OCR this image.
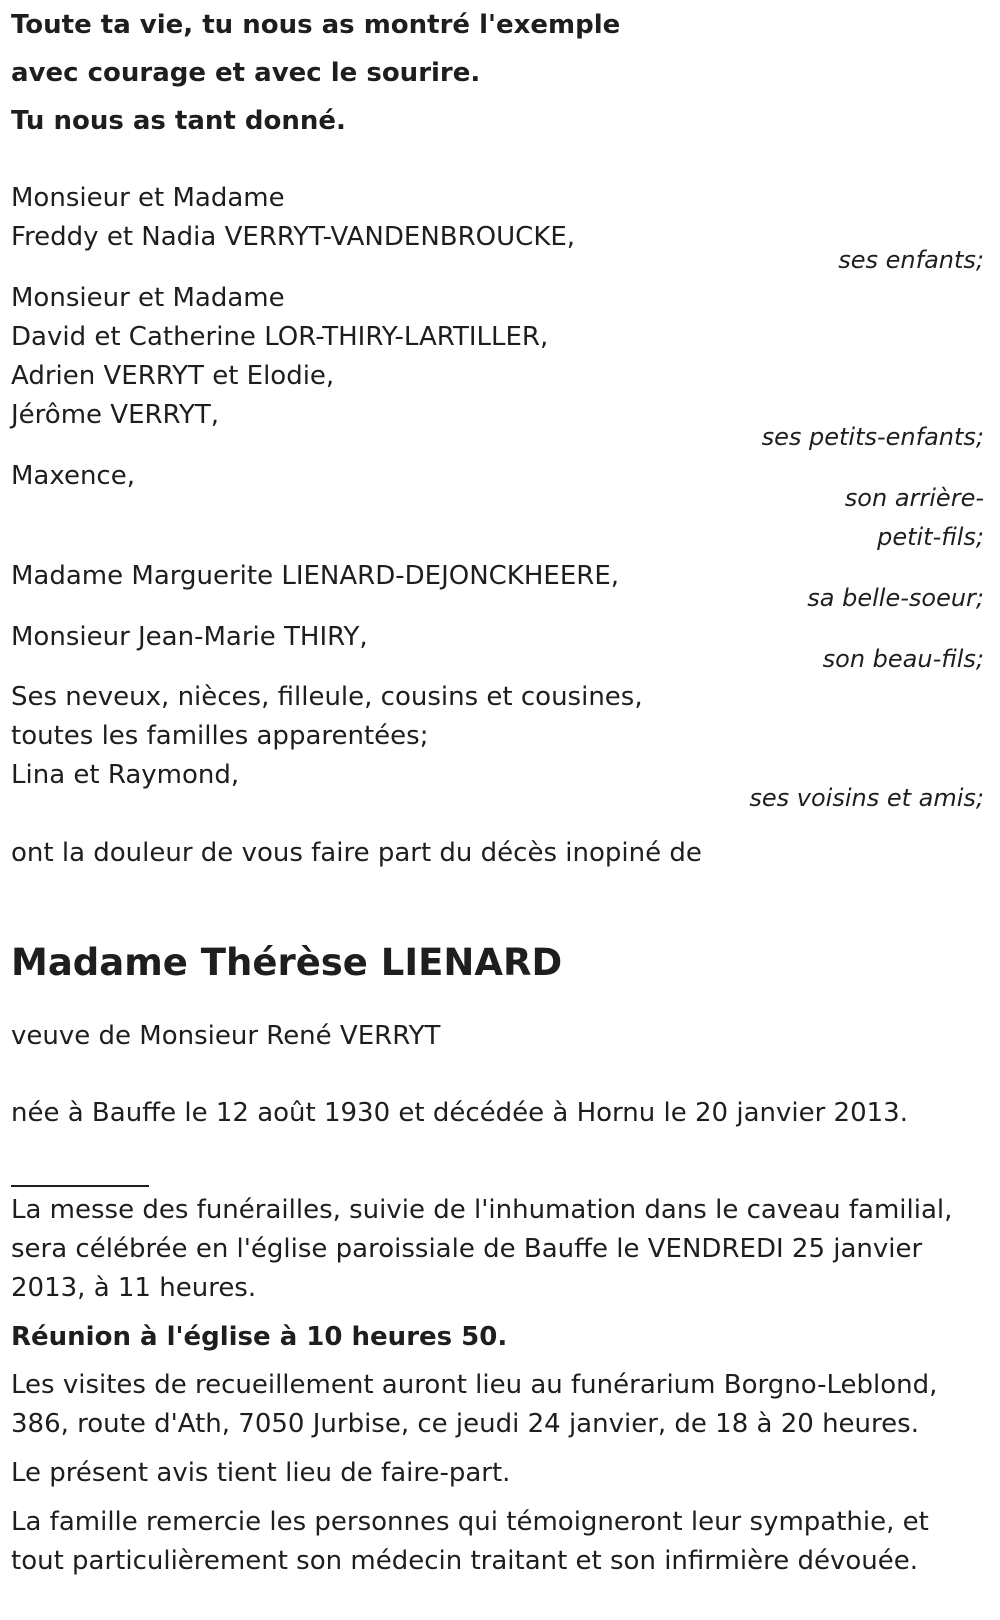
Toute ta vie, tu nous as montré l'exemple
avec courage et avec le sourire.
Tu nous as tant donné.
Monsieur et Madame
Freddy et Nadia VERRYT-VANDENBROUCKE,
ses enfants;
Monsieur et Madame
David et Catherine LOR-THIRY-LARTILLER,
Adrien VERRYT et Elodie,
Jérôme VERRYT,
ses petits-enfants;
Maxence,
son arrière-
petit-fils;
Madame Marguerite LIENARD-DEJONCKHEERE,
sa belle-soeur;
Monsieur Jean-Marie THIRY,
son beau-fils;
Ses neveux, nièces, filleule, cousins et cousines,
toutes les familles apparentées;
Lina et Raymond,
ses voisins et amis;
ont la douleur de vous faire part du décès inopiné de
Madame Thérèse LIENARD
veuve de Monsieur René VERRYT
née à Bauffe le 12 août 1930 et décédée à Hornu le 20 janvier 2013.
La messe des funérailles, suivie de l'inhumation dans le caveau familial,
sera célébrée en l'église paroissiale de Bauffe le VENDREDI 25 janvier
2013, à 11 heures.
Réunion à l'église à 10 heures 50.
Les visites de recueillement auront lieu au funérarium Borgno-Leblond,
386, route d'Ath, 7050 Jurbise, ce jeudi 24 janvier, de 18 à 20 heures.
Le présent avis tient lieu de faire-part.
La famille remercie les personnes qui témoigneront leur sympathie, et
tout particulièrement son médecin traitant et son infirmière dévouée.
